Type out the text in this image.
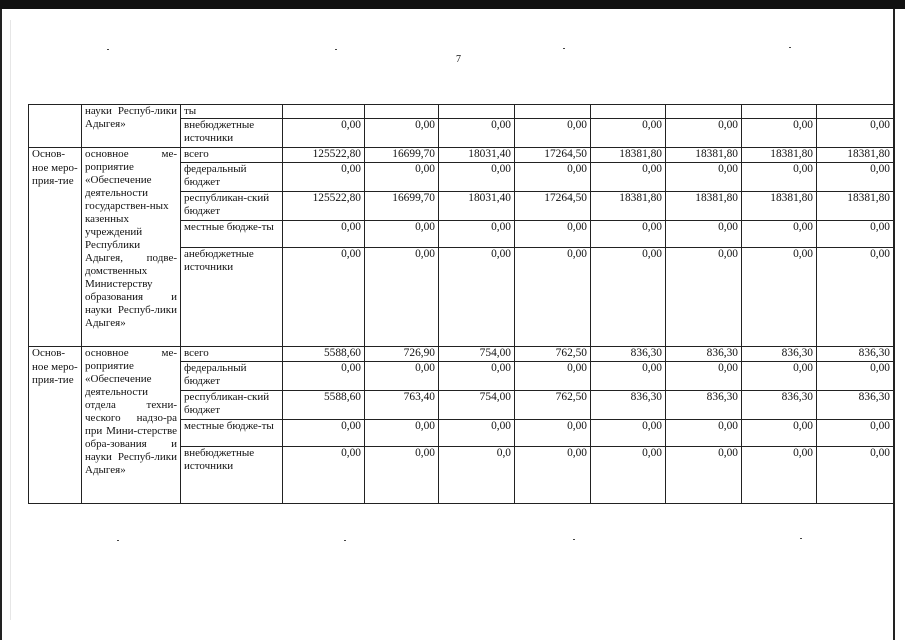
7
	науки Респуб-лики Адыгея»	ты								
		внебюджетные источники	0,00	0,00	0,00	0,00	0,00	0,00	0,00	0,00
Основ-ное меро-прия-тие	основное ме-роприятие «Обеспечение деятельности государствен-ных казенных учреждений Республики Адыгея, подве-домственных Министерству образования и науки Респуб-лики Адыгея»	всего	125522,80	16699,70	18031,40	17264,50	18381,80	18381,80	18381,80	18381,80
		федеральный бюджет	0,00	0,00	0,00	0,00	0,00	0,00	0,00	0,00
		республикан-ский бюджет	125522,80	16699,70	18031,40	17264,50	18381,80	18381,80	18381,80	18381,80
		местные бюдже-ты	0,00	0,00	0,00	0,00	0,00	0,00	0,00	0,00
		анебюджетные источники	0,00	0,00	0,00	0,00	0,00	0,00	0,00	0,00
Основ-ное меро-прия-тие	основное ме-роприятие «Обеспечение деятельности отдела техни-ческого надзо-ра при Мини-стерстве обра-зования и науки Респуб-лики Адыгея»	всего	5588,60	726,90	754,00	762,50	836,30	836,30	836,30	836,30
		федеральный бюджет	0,00	0,00	0,00	0,00	0,00	0,00	0,00	0,00
		республикан-ский бюджет	5588,60	763,40	754,00	762,50	836,30	836,30	836,30	836,30
		местные бюдже-ты	0,00	0,00	0,00	0,00	0,00	0,00	0,00	0,00
		внебюджетные источники	0,00	0,00	0,0	0,00	0,00	0,00	0,00	0,00
